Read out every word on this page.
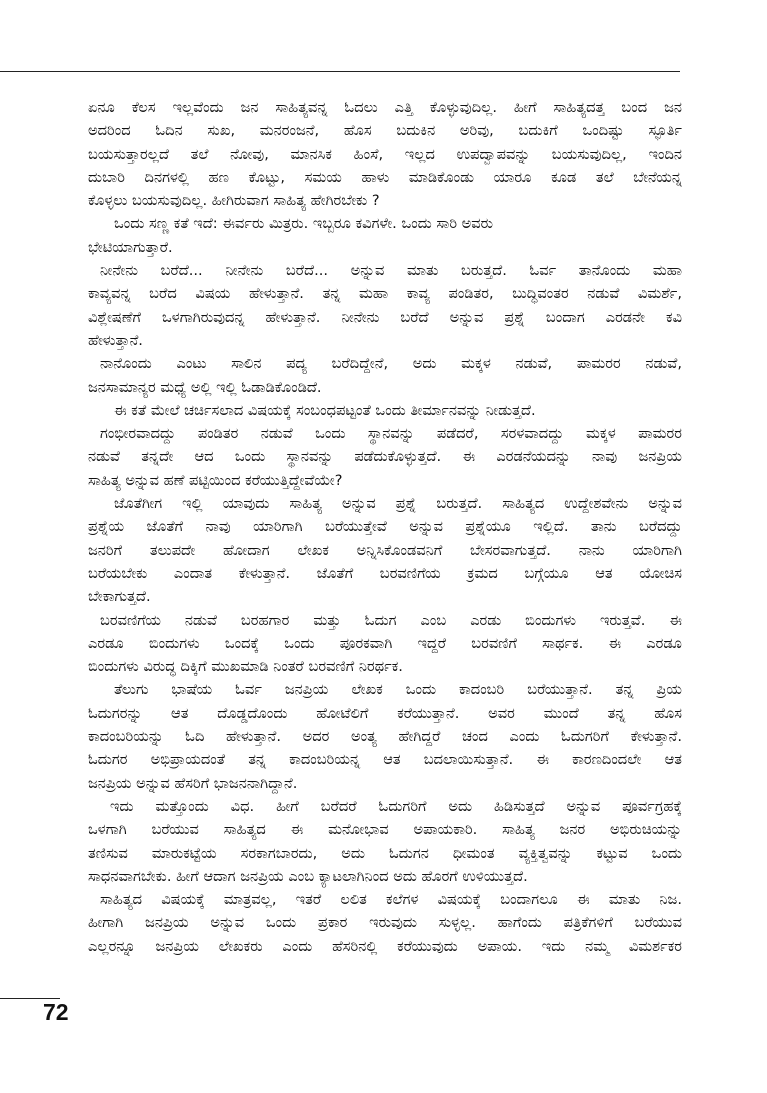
ಏನೂ ಕೆಲಸ ಇಲ್ಲವೆಂದು ಜನ ಸಾಹಿತ್ಯವನ್ನ ಓದಲು ಎತ್ತಿ ಕೊಳ್ಳುವುದಿಲ್ಲ. ಹೀಗೆ ಸಾಹಿತ್ಯದತ್ತ ಬಂದ ಜನ
ಅದರಿಂದ ಓದಿನ ಸುಖ, ಮನರಂಜನೆ, ಹೊಸ ಬದುಕಿನ ಅರಿವು, ಬದುಕಿಗೆ ಒಂದಿಷ್ಟು ಸ್ಫೂರ್ತಿ
ಬಯಸುತ್ತಾರಲ್ಲದೆ ತಲೆ ನೋವು, ಮಾನಸಿಕ ಹಿಂಸೆ, ಇಲ್ಲದ ಉಪದ್ವಾಪವನ್ನು ಬಯಸುವುದಿಲ್ಲ, ಇಂದಿನ
ದುಬಾರಿ ದಿನಗಳಲ್ಲಿ ಹಣ ಕೊಟ್ಟು, ಸಮಯ ಹಾಳು ಮಾಡಿಕೊಂಡು ಯಾರೂ ಕೂಡ ತಲೆ ಬೇನೆಯನ್ನ
ಕೊಳ್ಳಲು ಬಯಸುವುದಿಲ್ಲ. ಹೀಗಿರುವಾಗ ಸಾಹಿತ್ಯ ಹೇಗಿರಬೇಕು ?
ಒಂದು ಸಣ್ಣ ಕತೆ ಇದೆ: ಈರ್ವರು ಮಿತ್ರರು. ಇಬ್ಬರೂ ಕವಿಗಳೇ. ಒಂದು ಸಾರಿ ಅವರು
ಭೇಟಿಯಾಗುತ್ತಾರೆ.
ನೀನೇನು ಬರೆದೆ... ನೀನೇನು ಬರೆದೆ... ಅನ್ನುವ ಮಾತು ಬರುತ್ತದೆ. ಓರ್ವ ತಾನೊಂದು ಮಹಾ
ಕಾವ್ಯವನ್ನ ಬರೆದ ವಿಷಯ ಹೇಳುತ್ತಾನೆ. ತನ್ನ ಮಹಾ ಕಾವ್ಯ ಪಂಡಿತರ, ಬುದ್ಧಿವಂತರ ನಡುವೆ ವಿಮರ್ಶೆ,
ವಿಶ್ಲೇಷಣೆಗೆ ಒಳಗಾಗಿರುವುದನ್ನ ಹೇಳುತ್ತಾನೆ. ನೀನೇನು ಬರೆದೆ ಅನ್ನುವ ಪ್ರಶ್ನೆ ಬಂದಾಗ ಎರಡನೇ ಕವಿ
ಹೇಳುತ್ತಾನೆ.
ನಾನೊಂದು ಎಂಟು ಸಾಲಿನ ಪದ್ಯ ಬರೆದಿದ್ದೇನೆ, ಅದು ಮಕ್ಕಳ ನಡುವೆ, ಪಾಮರರ ನಡುವೆ,
ಜನಸಾಮಾನ್ಯರ ಮಧ್ಯೆ ಅಲ್ಲಿ ಇಲ್ಲಿ ಓಡಾಡಿಕೊಂಡಿದೆ.
ಈ ಕತೆ ಮೇಲೆ ಚರ್ಚಿಸಲಾದ ವಿಷಯಕ್ಕೆ ಸಂಬಂಧಪಟ್ಟಂತೆ ಒಂದು ತೀರ್ಮಾನವನ್ನು ನೀಡುತ್ತದೆ.
ಗಂಭೀರವಾದದ್ದು ಪಂಡಿತರ ನಡುವೆ ಒಂದು ಸ್ಥಾನವನ್ನು ಪಡೆದರೆ, ಸರಳವಾದದ್ದು ಮಕ್ಕಳ ಪಾಮರರ
ನಡುವೆ ತನ್ನದೇ ಆದ ಒಂದು ಸ್ಥಾನವನ್ನು ಪಡೆದುಕೊಳ್ಳುತ್ತದೆ. ಈ ಎರಡನೆಯದನ್ನು ನಾವು ಜನಪ್ರಿಯ
ಸಾಹಿತ್ಯ ಅನ್ನುವ ಹಣೆ ಪಟ್ಟಿಯಿಂದ ಕರೆಯುತ್ತಿದ್ದೇವೆಯೇ?
ಜೊತೆಗೀಗ ಇಲ್ಲಿ ಯಾವುದು ಸಾಹಿತ್ಯ ಅನ್ನುವ ಪ್ರಶ್ನೆ ಬರುತ್ತದೆ. ಸಾಹಿತ್ಯದ ಉದ್ದೇಶವೇನು ಅನ್ನುವ
ಪ್ರಶ್ನೆಯ ಜೊತೆಗೆ ನಾವು ಯಾರಿಗಾಗಿ ಬರೆಯುತ್ತೇವೆ ಅನ್ನುವ ಪ್ರಶ್ನೆಯೂ ಇಲ್ಲಿದೆ. ತಾನು ಬರೆದದ್ದು
ಜನರಿಗೆ ತಲುಪದೇ ಹೋದಾಗ ಲೇಖಕ ಅನ್ನಿಸಿಕೊಂಡವನಿಗೆ ಬೇಸರವಾಗುತ್ತದೆ. ನಾನು ಯಾರಿಗಾಗಿ
ಬರೆಯಬೇಕು ಎಂದಾತ ಕೇಳುತ್ತಾನೆ. ಜೊತೆಗೆ ಬರವಣಿಗೆಯ ಕ್ರಮದ ಬಗ್ಗೆಯೂ ಆತ ಯೋಚಿಸ
ಬೇಕಾಗುತ್ತದೆ.
ಬರವಣಿಗೆಯ ನಡುವೆ ಬರಹಗಾರ ಮತ್ತು ಓದುಗ ಎಂಬ ಎರಡು ಬಿಂದುಗಳು ಇರುತ್ತವೆ. ಈ
ಎರಡೂ ಬಿಂದುಗಳು ಒಂದಕ್ಕೆ ಒಂದು ಪೂರಕವಾಗಿ ಇದ್ದರೆ ಬರವಣಿಗೆ ಸಾರ್ಥಕ. ಈ ಎರಡೂ
ಬಿಂದುಗಳು ವಿರುದ್ಧ ದಿಕ್ಕಿಗೆ ಮುಖಮಾಡಿ ನಿಂತರೆ ಬರವಣಿಗೆ ನಿರರ್ಥಕ.
ತೆಲುಗು ಭಾಷೆಯ ಓರ್ವ ಜನಪ್ರಿಯ ಲೇಖಕ ಒಂದು ಕಾದಂಬರಿ ಬರೆಯುತ್ತಾನೆ. ತನ್ನ ಪ್ರಿಯ
ಓದುಗರನ್ನು ಆತ ದೊಡ್ಡದೊಂದು ಹೋಟೆಲಿಗೆ ಕರೆಯುತ್ತಾನೆ. ಅವರ ಮುಂದೆ ತನ್ನ ಹೊಸ
ಕಾದಂಬರಿಯನ್ನು ಓದಿ ಹೇಳುತ್ತಾನೆ. ಅದರ ಅಂತ್ಯ ಹೇಗಿದ್ದರೆ ಚಂದ ಎಂದು ಓದುಗರಿಗೆ ಕೇಳುತ್ತಾನೆ.
ಓದುಗರ ಅಭಿಪ್ರಾಯದಂತೆ ತನ್ನ ಕಾದಂಬರಿಯನ್ನ ಆತ ಬದಲಾಯಿಸುತ್ತಾನೆ. ಈ ಕಾರಣದಿಂದಲೇ ಆತ
ಜನಪ್ರಿಯ ಅನ್ನುವ ಹೆಸರಿಗೆ ಭಾಜನನಾಗಿದ್ದಾನೆ.
ಇದು ಮತ್ತೊಂದು ವಿಧ. ಹೀಗೆ ಬರೆದರೆ ಓದುಗರಿಗೆ ಅದು ಹಿಡಿಸುತ್ತದೆ ಅನ್ನುವ ಪೂರ್ವಗ್ರಹಕ್ಕೆ
ಒಳಗಾಗಿ ಬರೆಯುವ ಸಾಹಿತ್ಯದ ಈ ಮನೋಭಾವ ಅಪಾಯಕಾರಿ. ಸಾಹಿತ್ಯ ಜನರ ಅಭಿರುಚಿಯನ್ನು
ತಣಿಸುವ ಮಾರುಕಟ್ಟೆಯ ಸರಕಾಗಬಾರದು, ಅದು ಓದುಗನ ಧೀಮಂತ ವ್ಯಕ್ತಿತ್ವವನ್ನು ಕಟ್ಟುವ ಒಂದು
ಸಾಧನವಾಗಬೇಕು. ಹೀಗೆ ಆದಾಗ ಜನಪ್ರಿಯ ಎಂಬ ಕ್ಯಾಟಲಾಗಿನಿಂದ ಅದು ಹೊರಗೆ ಉಳಿಯುತ್ತದೆ.
ಸಾಹಿತ್ಯದ ವಿಷಯಕ್ಕೆ ಮಾತ್ರವಲ್ಲ, ಇತರೆ ಲಲಿತ ಕಲೆಗಳ ವಿಷಯಕ್ಕೆ ಬಂದಾಗಲೂ ಈ ಮಾತು ನಿಜ.
ಹೀಗಾಗಿ ಜನಪ್ರಿಯ ಅನ್ನುವ ಒಂದು ಪ್ರಕಾರ ಇರುವುದು ಸುಳ್ಳಲ್ಲ. ಹಾಗೆಂದು ಪತ್ರಿಕೆಗಳಿಗೆ ಬರೆಯುವ
ಎಲ್ಲರನ್ನೂ ಜನಪ್ರಿಯ ಲೇಖಕರು ಎಂದು ಹೆಸರಿನಲ್ಲಿ ಕರೆಯುವುದು ಅಪಾಯ. ಇದು ನಮ್ಮ ವಿಮರ್ಶಕರ
72
